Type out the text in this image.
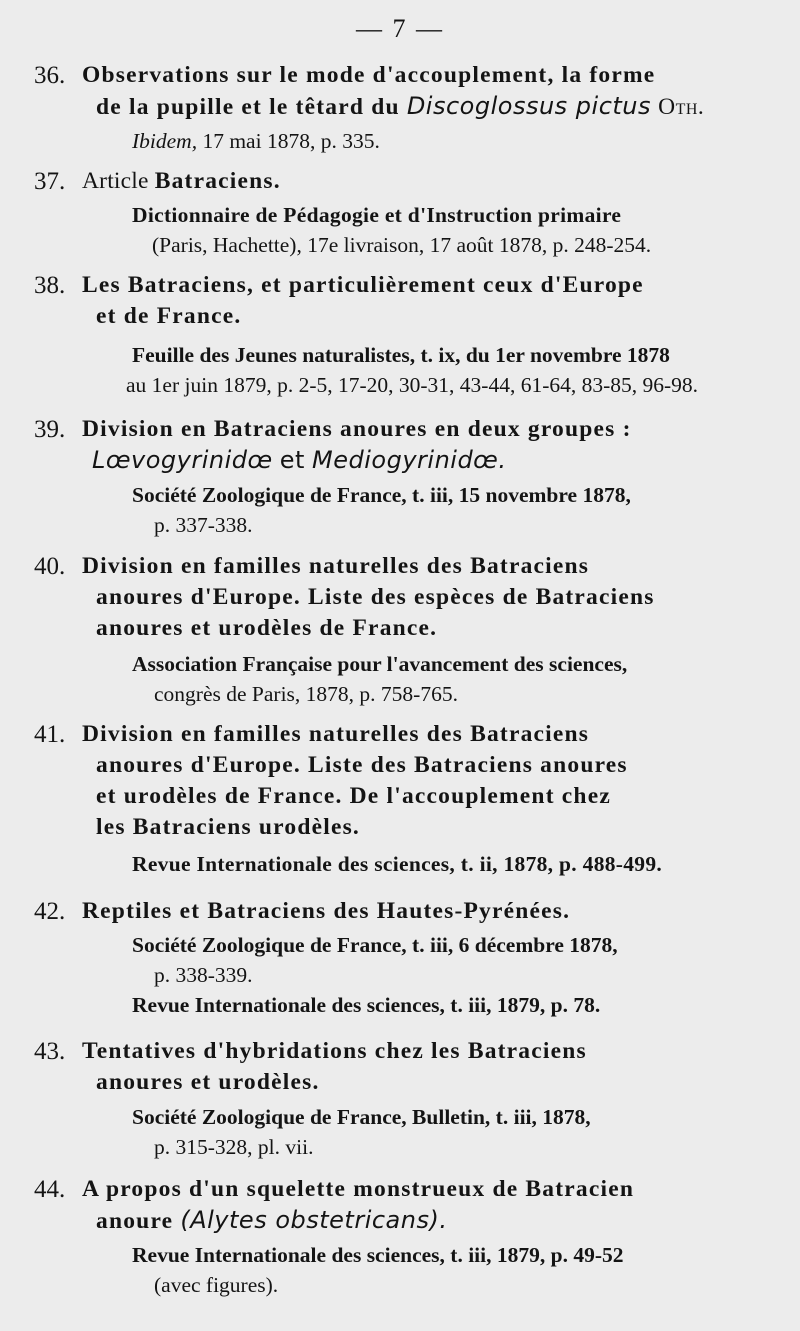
— 7 —
36. Observations sur le mode d'accouplement, la forme
de la pupille et le têtard du Discoglossus pictus Oth.
Ibidem, 17 mai 1878, p. 335.
37. Article Batraciens.
Dictionnaire de Pédagogie et d'Instruction primaire
(Paris, Hachette), 17e livraison, 17 août 1878, p. 248-254.
38. Les Batraciens, et particulièrement ceux d'Europe
et de France.
Feuille des Jeunes naturalistes, t. ix, du 1er novembre 1878
au 1er juin 1879, p. 2-5, 17-20, 30-31, 43-44, 61-64, 83-85, 96-98.
39. Division en Batraciens anoures en deux groupes :
Lœvogyrinidœ et Mediogyrinidœ.
Société Zoologique de France, t. iii, 15 novembre 1878,
p. 337-338.
40. Division en familles naturelles des Batraciens
anoures d'Europe. Liste des espèces de Batraciens
anoures et urodèles de France.
Association Française pour l'avancement des sciences,
congrès de Paris, 1878, p. 758-765.
41. Division en familles naturelles des Batraciens
anoures d'Europe. Liste des Batraciens anoures
et urodèles de France. De l'accouplement chez
les Batraciens urodèles.
Revue Internationale des sciences, t. ii, 1878, p. 488-499.
42. Reptiles et Batraciens des Hautes-Pyrénées.
Société Zoologique de France, t. iii, 6 décembre 1878,
p. 338-339.
Revue Internationale des sciences, t. iii, 1879, p. 78.
43. Tentatives d'hybridations chez les Batraciens
anoures et urodèles.
Société Zoologique de France, Bulletin, t. iii, 1878,
p. 315-328, pl. vii.
44. A propos d'un squelette monstrueux de Batracien
anoure (Alytes obstetricans).
Revue Internationale des sciences, t. iii, 1879, p. 49-52
(avec figures).
